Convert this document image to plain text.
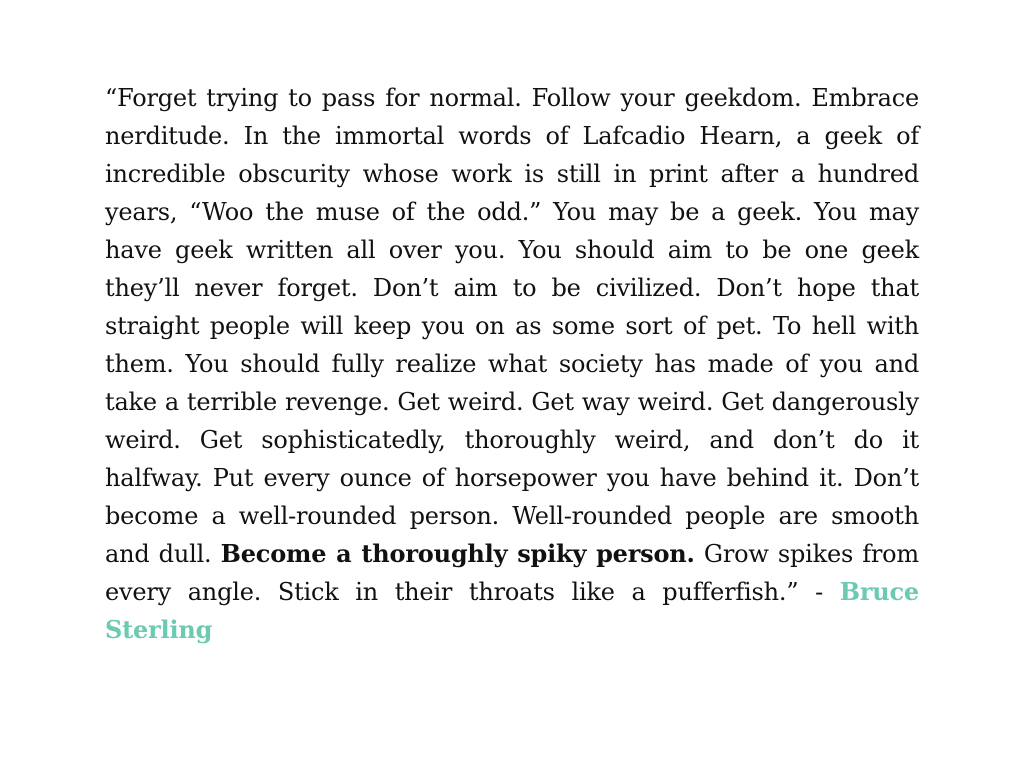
“Forget trying to pass for normal. Follow your geekdom. Embrace nerditude. In the immortal words of Lafcadio Hearn, a geek of incredible obscurity whose work is still in print after a hundred years, “Woo the muse of the odd.” You may be a geek. You may have geek written all over you. You should aim to be one geek they’ll never forget. Don’t aim to be civilized. Don’t hope that straight people will keep you on as some sort of pet. To hell with them. You should fully realize what society has made of you and take a terrible revenge. Get weird. Get way weird. Get dangerously weird. Get sophisticatedly, thoroughly weird, and don’t do it halfway. Put every ounce of horsepower you have behind it. Don’t become a well-rounded person. Well-rounded people are smooth and dull. Become a thoroughly spiky person. Grow spikes from every angle. Stick in their throats like a pufferfish.” - Bruce Sterling
